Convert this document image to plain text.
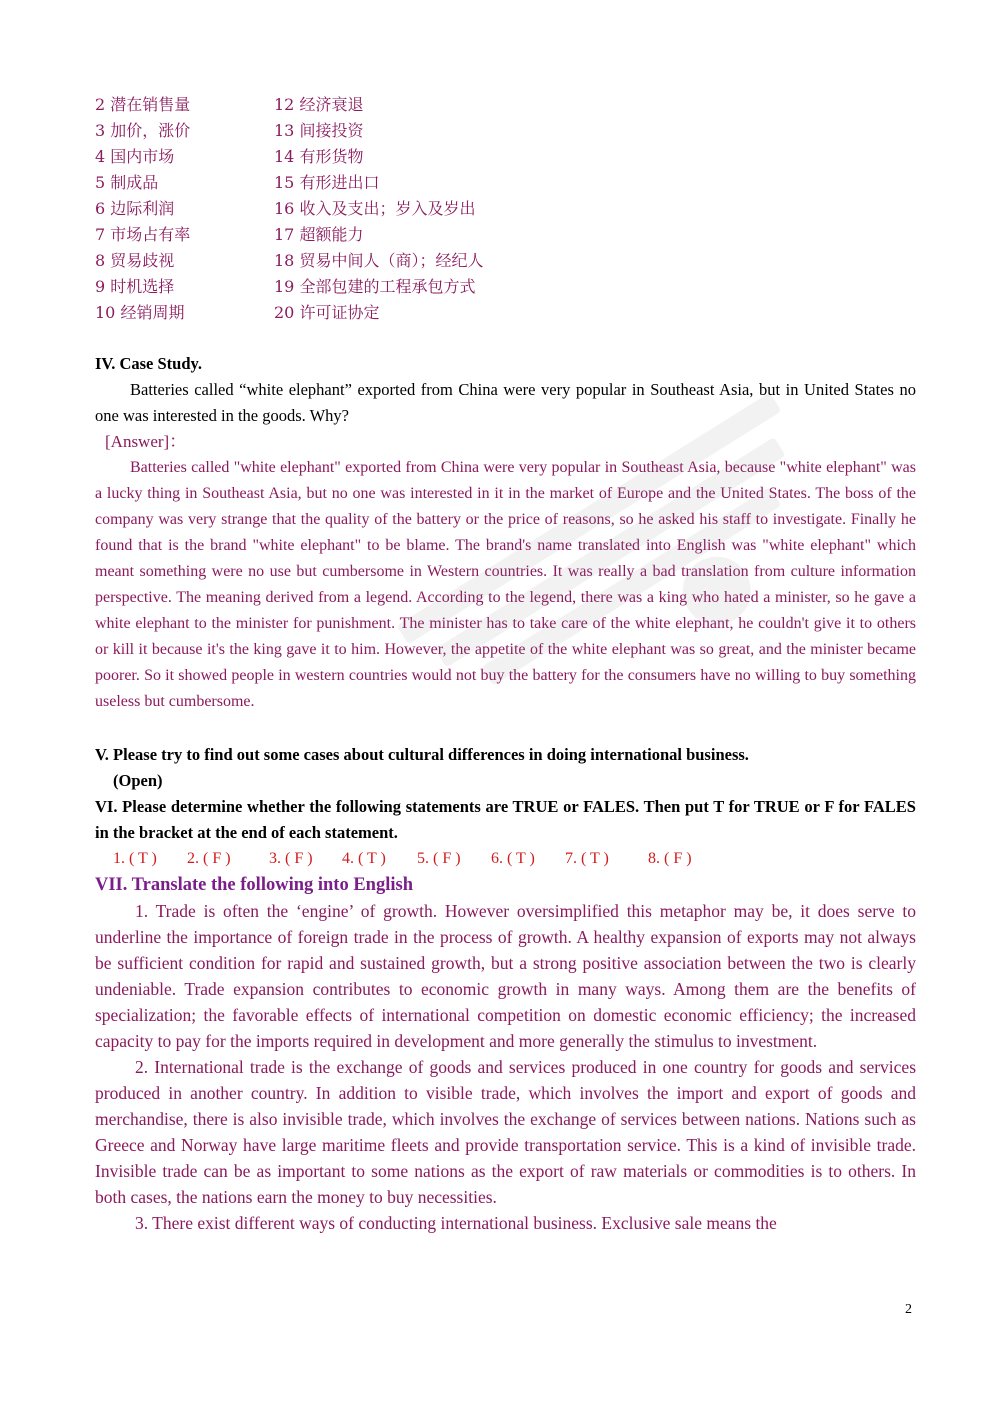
2 潜在销售量	12 经济衰退
3 加价，涨价	13 间接投资
4 国内市场	14 有形货物
5 制成品	15 有形进出口
6 边际利润	16 收入及支出；岁入及岁出
7 市场占有率	17 超额能力
8 贸易歧视	18 贸易中间人（商）；经纪人
9 时机选择	19 全部包建的工程承包方式
10 经销周期	20 许可证协定
IV. Case Study.

Batteries called “white elephant” exported from China were very popular in Southeast Asia, but in United States no one was interested in the goods. Why?

[Answer]：

Batteries called "white elephant" exported from China were very popular in Southeast Asia, because "white elephant" was a lucky thing in Southeast Asia, but no one was interested in it in the market of Europe and the United States. The boss of the company was very strange that the quality of the battery or the price of reasons, so he asked his staff to investigate. Finally he found that is the brand "white elephant" to be blame. The brand's name translated into English was "white elephant" which meant something were no use but cumbersome in Western countries. It was really a bad translation from culture information perspective. The meaning derived from a legend. According to the legend, there was a king who hated a minister, so he gave a white elephant to the minister for punishment. The minister has to take care of the white elephant, he couldn't give it to others or kill it because it's the king gave it to him. However, the appetite of the white elephant was so great, and the minister became poorer. So it showed people in western countries would not buy the battery for the consumers have no willing to buy something useless but cumbersome.

V. Please try to find out some cases about cultural differences in doing international business.
(Open)
VI. Please determine whether the following statements are TRUE or FALES. Then put T for TRUE or F for FALES in the bracket at the end of each statement.
1. ( T ) 2. ( F ) 3. ( F ) 4. ( T ) 5. ( F ) 6. ( T ) 7. ( T ) 8. ( F )
VII. Translate the following into English

1. Trade is often the ‘engine’ of growth. However oversimplified this metaphor may be, it does serve to underline the importance of foreign trade in the process of growth. A healthy expansion of exports may not always be sufficient condition for rapid and sustained growth, but a strong positive association between the two is clearly undeniable. Trade expansion contributes to economic growth in many ways. Among them are the benefits of specialization; the favorable effects of international competition on domestic economic efficiency; the increased capacity to pay for the imports required in development and more generally the stimulus to investment.

2. International trade is the exchange of goods and services produced in one country for goods and services produced in another country. In addition to visible trade, which involves the import and export of goods and merchandise, there is also invisible trade, which involves the exchange of services between nations. Nations such as Greece and Norway have large maritime fleets and provide transportation service. This is a kind of invisible trade. Invisible trade can be as important to some nations as the export of raw materials or commodities is to others. In both cases, the nations earn the money to buy necessities.

3. There exist different ways of conducting international business. Exclusive sale means the

2
